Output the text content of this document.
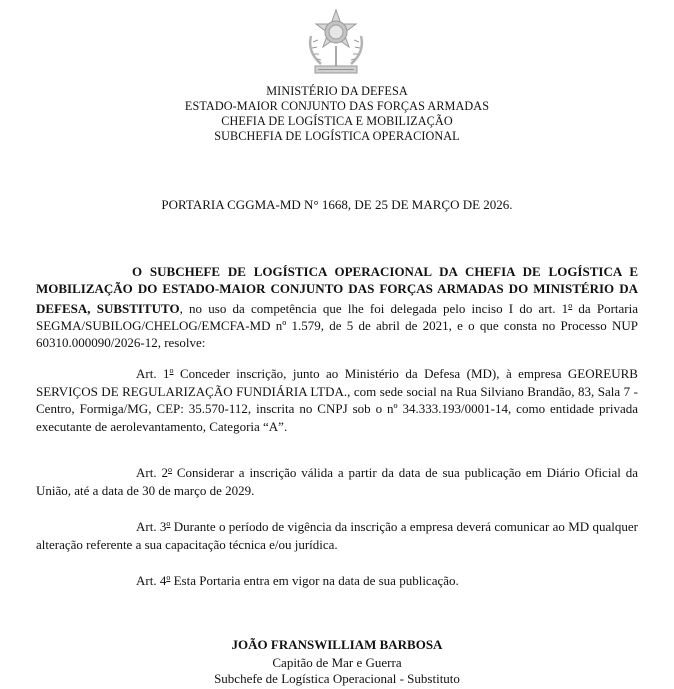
MINISTÉRIO DA DEFESA
ESTADO-MAIOR CONJUNTO DAS FORÇAS ARMADAS
CHEFIA DE LOGÍSTICA E MOBILIZAÇÃO
SUBCHEFIA DE LOGÍSTICA OPERACIONAL
PORTARIA CGGMA-MD N° 1668, DE 25 DE MARÇO DE 2026.

O SUBCHEFE DE LOGÍSTICA OPERACIONAL DA CHEFIA DE LOGÍSTICA E MOBILIZAÇÃO DO ESTADO-MAIOR CONJUNTO DAS FORÇAS ARMADAS DO MINISTÉRIO DA DEFESA, SUBSTITUTO, no uso da competência que lhe foi delegada pelo inciso I do art. 1$^o$ da Portaria SEGMA/SUBILOG/CHELOG/EMCFA-MD nº 1.579, de 5 de abril de 2021, e o que consta no Processo NUP 60310.000090/2026-12, resolve:

Art. 1$^o$ Conceder inscrição, junto ao Ministério da Defesa (MD), à empresa GEOREURB SERVIÇOS DE REGULARIZAÇÃO FUNDIÁRIA LTDA., com sede social na Rua Silviano Brandão, 83, Sala 7 - Centro, Formiga/MG, CEP: 35.570-112, inscrita no CNPJ sob o nº 34.333.193/0001-14, como entidade privada executante de aerolevantamento, Categoria “A”.

Art. 2$^o$ Considerar a inscrição válida a partir da data de sua publicação em Diário Oficial da União, até a data de 30 de março de 2029.

Art. 3$^o$ Durante o período de vigência da inscrição a empresa deverá comunicar ao MD qualquer alteração referente a sua capacitação técnica e/ou jurídica.

Art. 4$^o$ Esta Portaria entra em vigor na data de sua publicação.

JOÃO FRANSWILLIAM BARBOSA
Capitão de Mar e Guerra
Subchefe de Logística Operacional - Substituto
